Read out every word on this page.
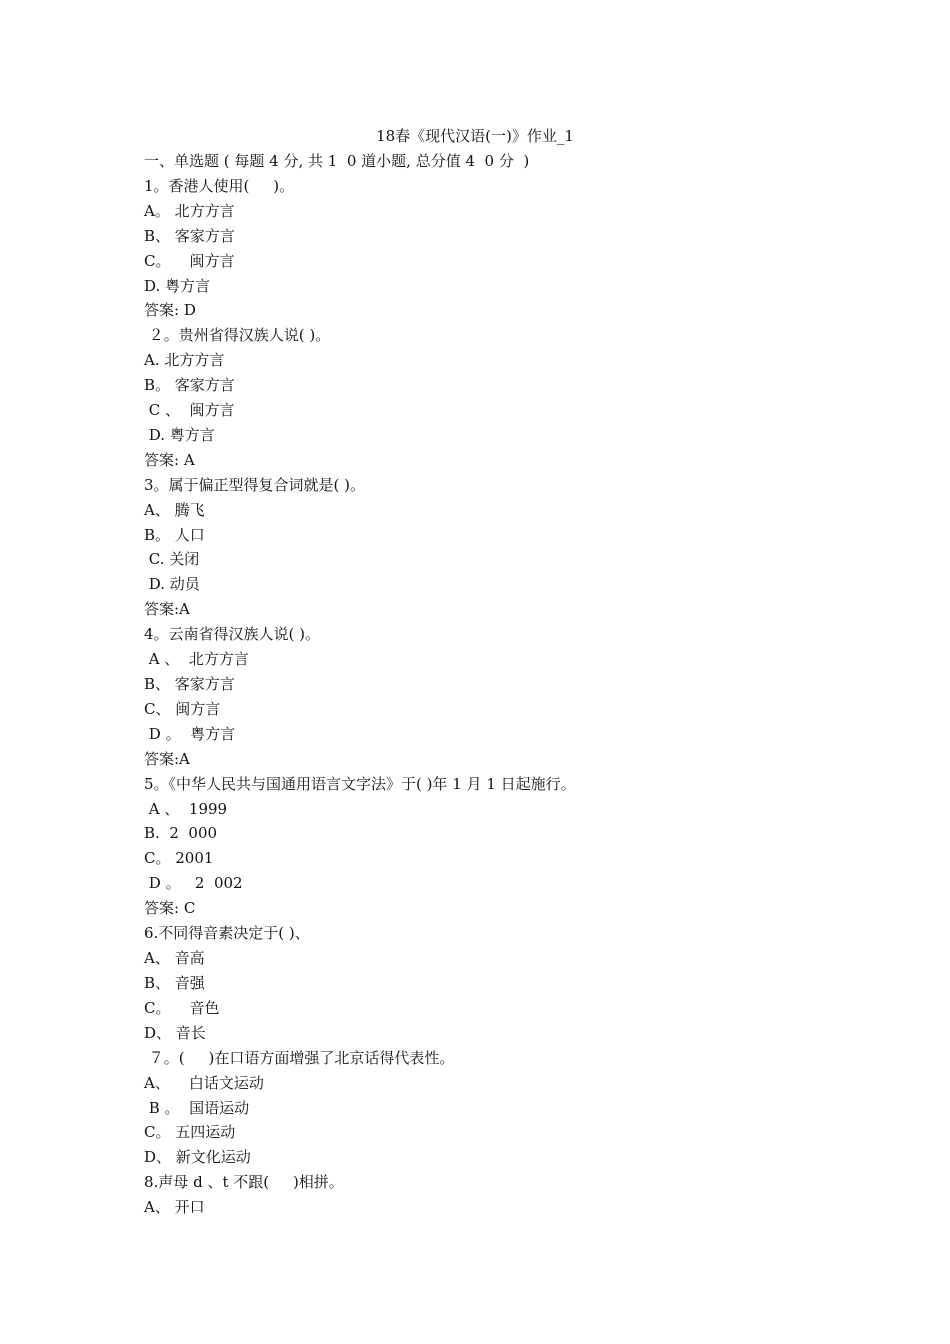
18春《现代汉语(一)》作业_1
一、单选题 ( 每题 4 分, 共 1  0 道小题, 总分值 4  0 分  )
1。香港人使用(     )。
A。 北方方言
B、 客家方言
C。    闽方言
D. 粤方言
答案: D
２。贵州省得汉族人说( )。
A. 北方方言
B。 客家方言
C 、  闽方言
D. 粤方言
答案: A
3。属于偏正型得复合词就是( )。
A、 腾飞
B。 人口
C. 关闭
D. 动员
答案:A
4。云南省得汉族人说( )。
A 、  北方方言
B、 客家方言
C、 闽方言
D 。  粤方言
答案:A
5。《中华人民共与国通用语言文字法》于( )年 1 月 1 日起施行。
A 、  1999
B.  2  000
C。 2001
D 。   2  002
答案: C
6.不同得音素决定于( )、
A、 音高
B、 音强
C。    音色
D、 音长
７。(     )在口语方面增强了北京话得代表性。
A、    白话文运动
B 。  国语运动
C。 五四运动
D、 新文化运动
8.声母 d 、t 不跟(     )相拼。
A、 开口
